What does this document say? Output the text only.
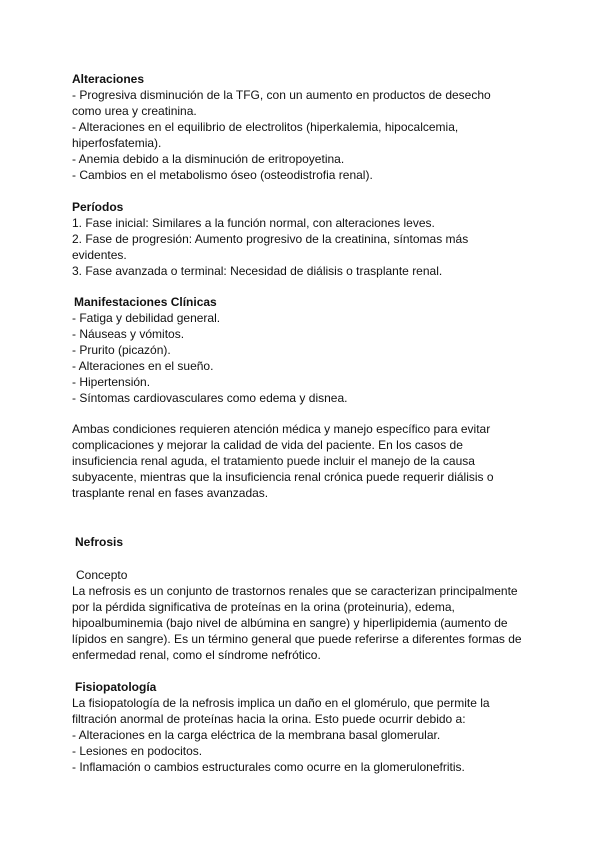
Alteraciones
- Progresiva disminución de la TFG, con un aumento en productos de desecho
como urea y creatinina.
- Alteraciones en el equilibrio de electrolitos (hiperkalemia, hipocalcemia,
hiperfosfatemia).
- Anemia debido a la disminución de eritropoyetina.
- Cambios en el metabolismo óseo (osteodistrofia renal).
Períodos
1. Fase inicial: Similares a la función normal, con alteraciones leves.
2. Fase de progresión: Aumento progresivo de la creatinina, síntomas más
evidentes.
3. Fase avanzada o terminal: Necesidad de diálisis o trasplante renal.
Manifestaciones Clínicas
- Fatiga y debilidad general.
- Náuseas y vómitos.
- Prurito (picazón).
- Alteraciones en el sueño.
- Hipertensión.
- Síntomas cardiovasculares como edema y disnea.
Ambas condiciones requieren atención médica y manejo específico para evitar
complicaciones y mejorar la calidad de vida del paciente. En los casos de
insuficiencia renal aguda, el tratamiento puede incluir el manejo de la causa
subyacente, mientras que la insuficiencia renal crónica puede requerir diálisis o
trasplante renal en fases avanzadas.
Nefrosis
Concepto
La nefrosis es un conjunto de trastornos renales que se caracterizan principalmente
por la pérdida significativa de proteínas en la orina (proteinuria), edema,
hipoalbuminemia (bajo nivel de albúmina en sangre) y hiperlipidemia (aumento de
lípidos en sangre). Es un término general que puede referirse a diferentes formas de
enfermedad renal, como el síndrome nefrótico.
Fisiopatología
La fisiopatología de la nefrosis implica un daño en el glomérulo, que permite la
filtración anormal de proteínas hacia la orina. Esto puede ocurrir debido a:
- Alteraciones en la carga eléctrica de la membrana basal glomerular.
- Lesiones en podocitos.
- Inflamación o cambios estructurales como ocurre en la glomerulonefritis.
